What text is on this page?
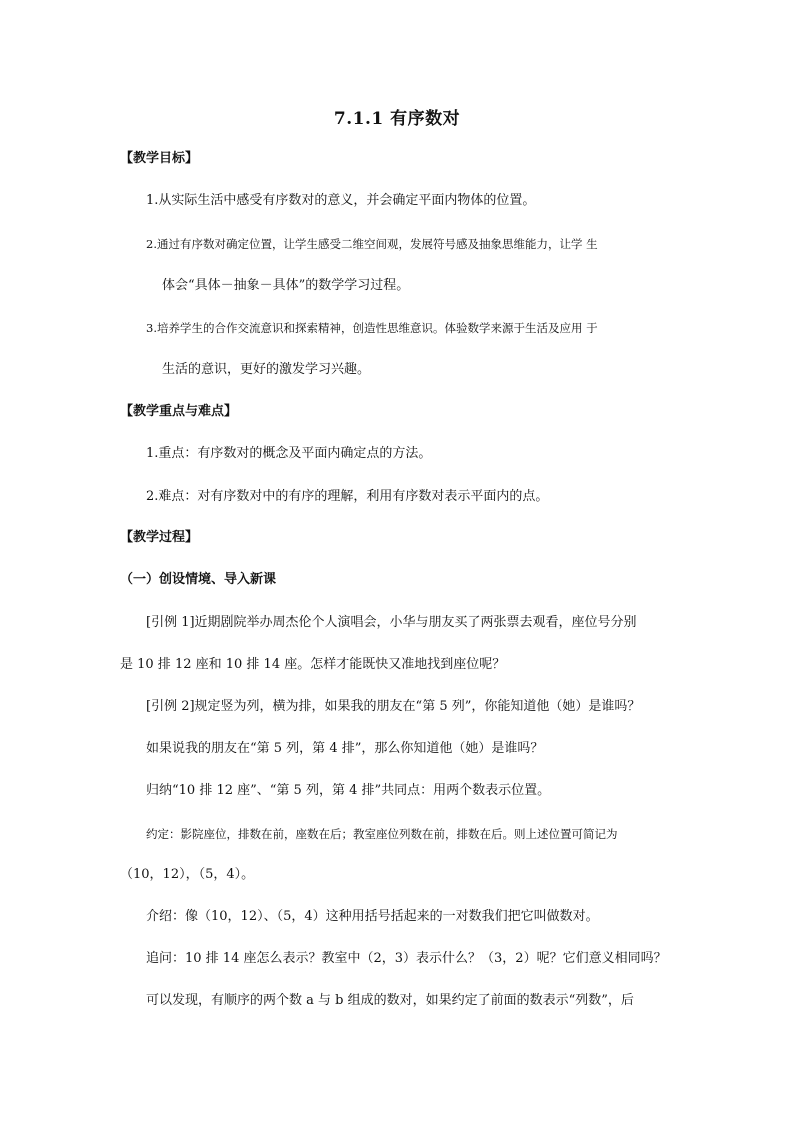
7.1.1 有序数对
【教学目标】
1.从实际生活中感受有序数对的意义，并会确定平面内物体的位置。
2.通过有序数对确定位置，让学生感受二维空间观，发展符号感及抽象思维能力，让学 生
体会“具体－抽象－具体”的数学学习过程。
3.培养学生的合作交流意识和探索精神，创造性思维意识。体验数学来源于生活及应用 于
生活的意识，更好的激发学习兴趣。
【教学重点与难点】
1.重点：有序数对的概念及平面内确定点的方法。
2.难点：对有序数对中的有序的理解，利用有序数对表示平面内的点。
【教学过程】
（一）创设情境、导入新课
[引例 1]近期剧院举办周杰伦个人演唱会，小华与朋友买了两张票去观看，座位号分别
是 10 排 12 座和 10 排 14 座。怎样才能既快又准地找到座位呢？
[引例 2]规定竖为列，横为排，如果我的朋友在“第 5 列”，你能知道他（她）是谁吗？
如果说我的朋友在“第 5 列，第 4 排”，那么你知道他（她）是谁吗？
归纳“10 排 12 座”、“第 5 列，第 4 排”共同点：用两个数表示位置。
约定：影院座位，排数在前，座数在后；教室座位列数在前，排数在后。则上述位置可简记为
（10，12），（5，4）。
介绍：像（10，12）、（5，4）这种用括号括起来的一对数我们把它叫做数对。
追问：10 排 14 座怎么表示？教室中（2，3）表示什么？（3，2）呢？它们意义相同吗？
可以发现，有顺序的两个数 a 与 b 组成的数对，如果约定了前面的数表示“列数”，后
